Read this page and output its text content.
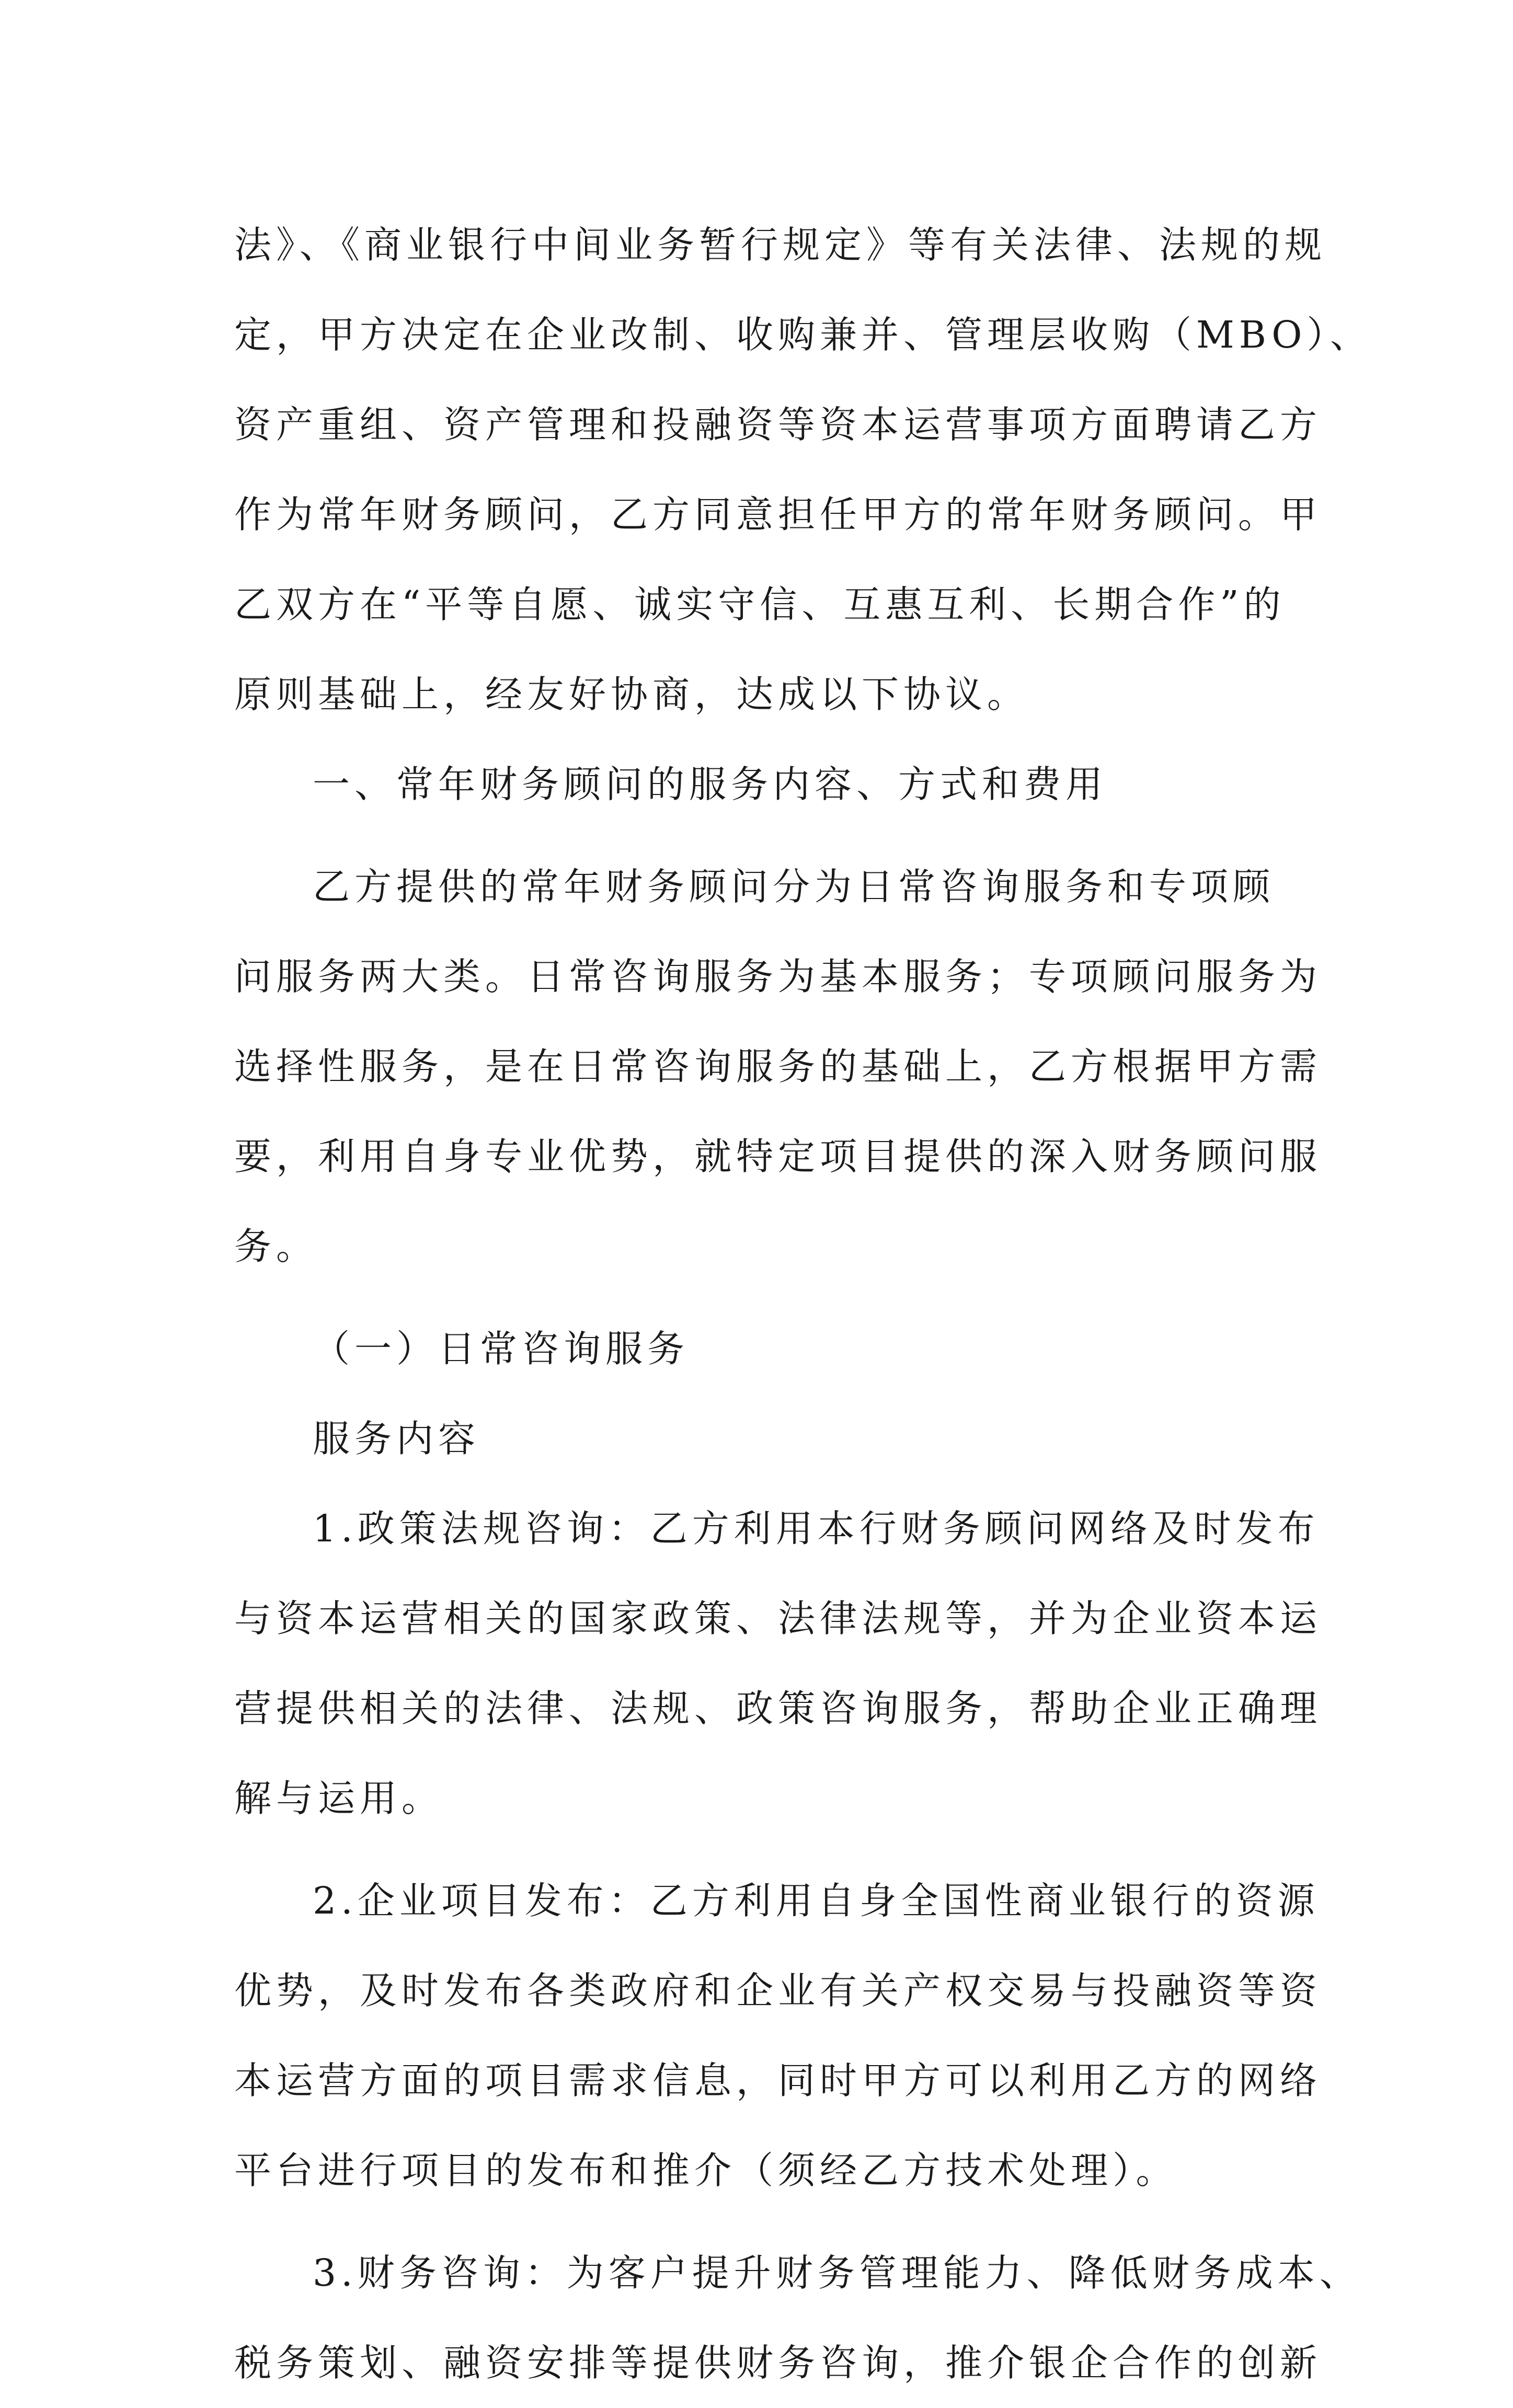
法》、《商业银行中间业务暂行规定》等有关法律、法规的规
定，甲方决定在企业改制、收购兼并、管理层收购（MBO）、
资产重组、资产管理和投融资等资本运营事项方面聘请乙方
作为常年财务顾问，乙方同意担任甲方的常年财务顾问。甲
乙双方在“平等自愿、诚实守信、互惠互利、长期合作”的
原则基础上，经友好协商，达成以下协议。
一、常年财务顾问的服务内容、方式和费用
乙方提供的常年财务顾问分为日常咨询服务和专项顾
问服务两大类。日常咨询服务为基本服务；专项顾问服务为
选择性服务，是在日常咨询服务的基础上，乙方根据甲方需
要，利用自身专业优势，就特定项目提供的深入财务顾问服
务。
（一）日常咨询服务
服务内容
1.政策法规咨询：乙方利用本行财务顾问网络及时发布
与资本运营相关的国家政策、法律法规等，并为企业资本运
营提供相关的法律、法规、政策咨询服务，帮助企业正确理
解与运用。
2.企业项目发布：乙方利用自身全国性商业银行的资源
优势，及时发布各类政府和企业有关产权交易与投融资等资
本运营方面的项目需求信息，同时甲方可以利用乙方的网络
平台进行项目的发布和推介（须经乙方技术处理）。
3.财务咨询：为客户提升财务管理能力、降低财务成本、
税务策划、融资安排等提供财务咨询，推介银企合作的创新
